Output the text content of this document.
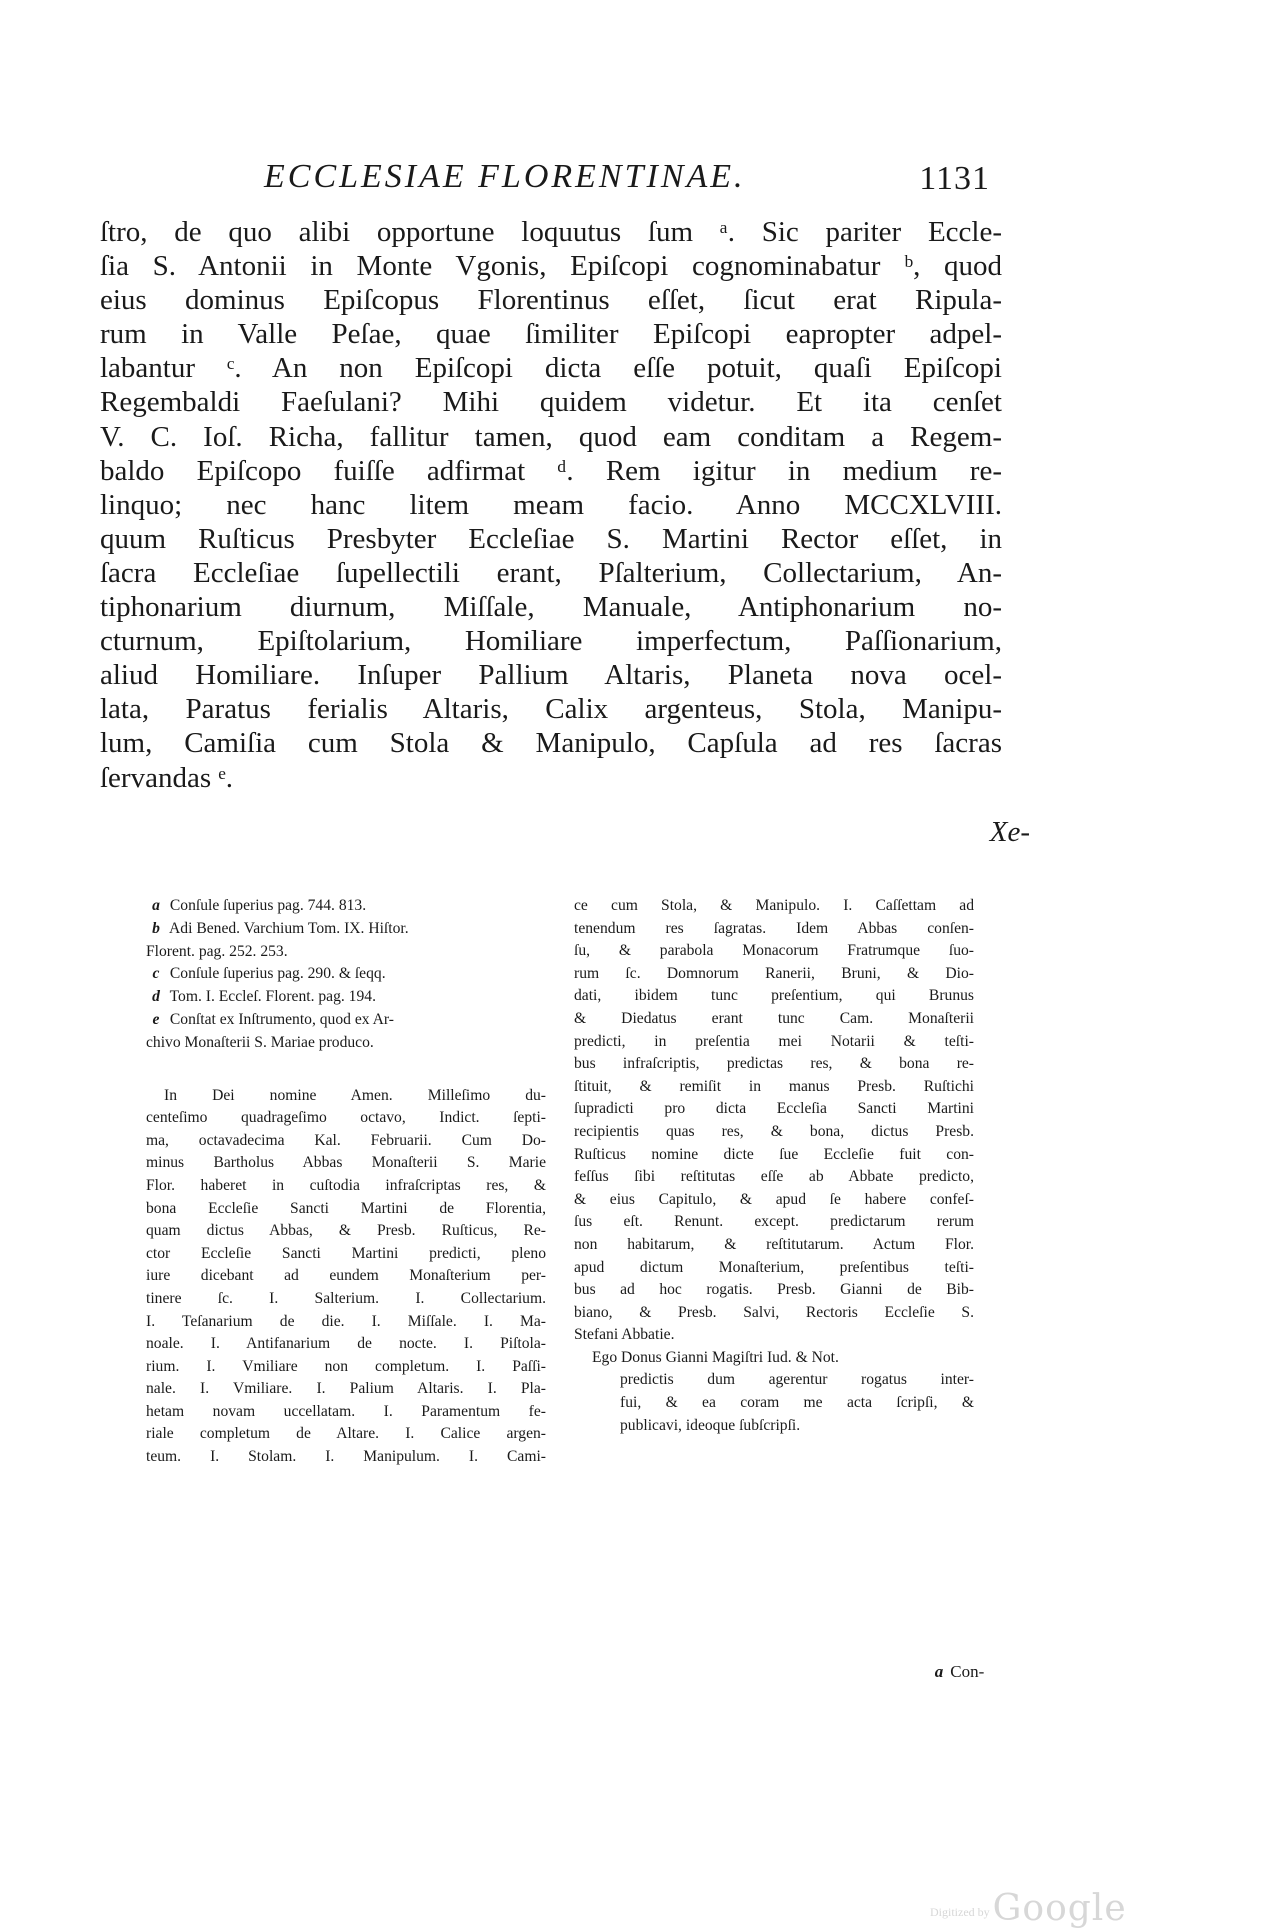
ECCLESIAE FLORENTINAE.	1131
ſtro, de quo alibi opportune loquutus ſum ᵃ. Sic pariter Eccle-
ſia S. Antonii in Monte Vgonis, Epiſcopi cognominabatur ᵇ, quod
eius dominus Epiſcopus Florentinus eſſet, ſicut erat Ripula-
rum in Valle Peſae, quae ſimiliter Epiſcopi eapropter adpel-
labantur ᶜ. An non Epiſcopi dicta eſſe potuit, quaſi Epiſcopi
Regembaldi Faeſulani? Mihi quidem videtur. Et ita cenſet
V. C. Ioſ. Richa, fallitur tamen, quod eam conditam a Regem-
baldo Epiſcopo fuiſſe adfirmat ᵈ. Rem igitur in medium re-
linquo; nec hanc litem meam facio. Anno MCCXLVIII.
quum Ruſticus Presbyter Eccleſiae S. Martini Rector eſſet, in
ſacra Eccleſiae ſupellectili erant, Pſalterium, Collectarium, An-
tiphonarium diurnum, Miſſale, Manuale, Antiphonarium no-
cturnum, Epiſtolarium, Homiliare imperfectum, Paſſionarium,
aliud Homiliare. Inſuper Pallium Altaris, Planeta nova ocel-
lata, Paratus ferialis Altaris, Calix argenteus, Stola, Manipu-
lum, Camiſia cum Stola & Manipulo, Capſula ad res ſacras
ſervandas ᵉ.
Xe-
a Conſule ſuperius pag. 744. 813.
b Adi Bened. Varchium Tom. IX. Hiſtor.
Florent. pag. 252. 253.
c Conſule ſuperius pag. 290. & ſeqq.
d Tom. I. Eccleſ. Florent. pag. 194.
e Conſtat ex Inſtrumento, quod ex Ar-
chivo Monaſterii S. Mariae produco.
In Dei nomine Amen. Milleſimo du-
centeſimo quadrageſimo octavo, Indict. ſepti-
ma, octavadecima Kal. Februarii. Cum Do-
minus Bartholus Abbas Monaſterii S. Marie
Flor. haberet in cuſtodia infraſcriptas res, &
bona Eccleſie Sancti Martini de Florentia,
quam dictus Abbas, & Presb. Ruſticus, Re-
ctor Eccleſie Sancti Martini predicti, pleno
iure dicebant ad eundem Monaſterium per-
tinere ſc. I. Salterium. I. Collectarium.
I. Teſanarium de die. I. Miſſale. I. Ma-
noale. I. Antifanarium de nocte. I. Piſtola-
rium. I. Vmiliare non completum. I. Paſſi-
nale. I. Vmiliare. I. Palium Altaris. I. Pla-
hetam novam uccellatam. I. Paramentum fe-
riale completum de Altare. I. Calice argen-
teum. I. Stolam. I. Manipulum. I. Cami-
ce cum Stola, & Manipulo. I. Caſſettam ad
tenendum res ſagratas. Idem Abbas conſen-
ſu, & parabola Monacorum Fratrumque ſuo-
rum ſc. Domnorum Ranerii, Bruni, & Dio-
dati, ibidem tunc preſentium, qui Brunus
& Diedatus erant tunc Cam. Monaſterii
predicti, in preſentia mei Notarii & teſti-
bus infraſcriptis, predictas res, & bona re-
ſtituit, & remiſit in manus Presb. Ruſtichi
ſupradicti pro dicta Eccleſia Sancti Martini
recipientis quas res, & bona, dictus Presb.
Ruſticus nomine dicte ſue Eccleſie fuit con-
feſſus ſibi reſtitutas eſſe ab Abbate predicto,
& eius Capitulo, & apud ſe habere confeſ-
ſus eſt. Renunt. except. predictarum rerum
non habitarum, & reſtitutarum. Actum Flor.
apud dictum Monaſterium, preſentibus teſti-
bus ad hoc rogatis. Presb. Gianni de Bib-
biano, & Presb. Salvi, Rectoris Eccleſie S.
Stefani Abbatie.
Ego Donus Gianni Magiſtri Iud. & Not.
predictis dum agerentur rogatus inter-
fui, & ea coram me acta ſcripſi, &
publicavi, ideoque ſubſcripſi.
a Con-
Digitized by Google
